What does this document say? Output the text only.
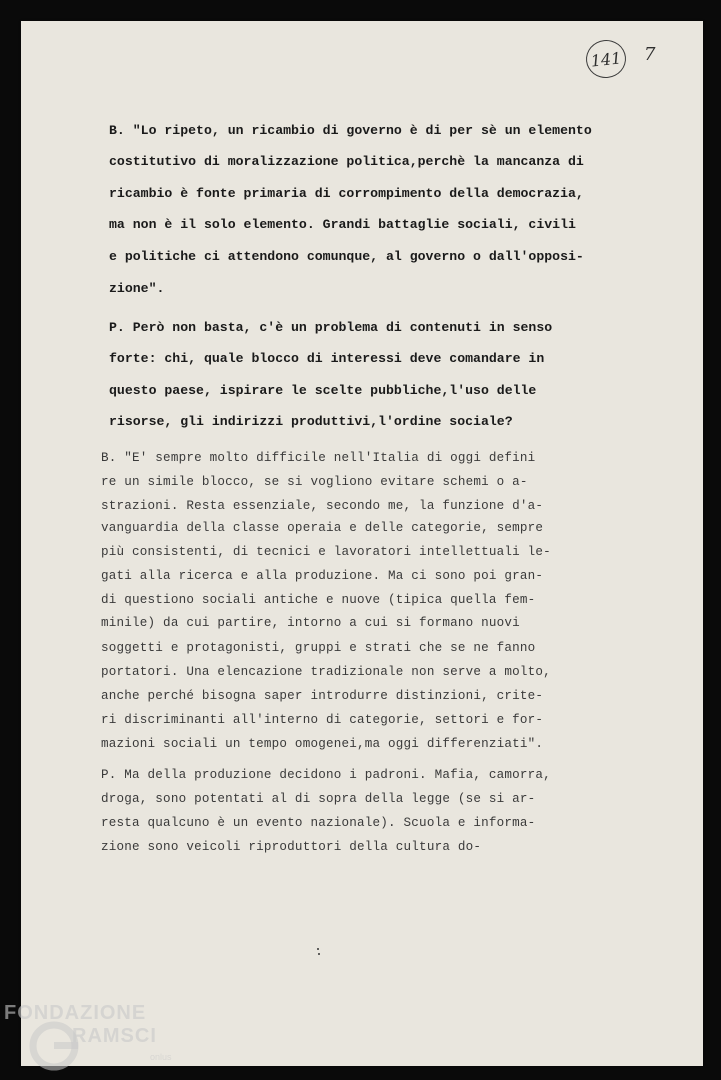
141 7
B. "Lo ripeto, un ricambio di governo è di per sè un elemento
costitutivo di moralizzazione politica,perchè la mancanza di
ricambio è fonte primaria di corrompimento della democrazia,
ma non è il solo elemento. Grandi battaglie sociali, civili
e politiche ci attendono comunque, al governo o dall'opposi-
zione".
P. Però non basta, c'è un problema di contenuti in senso
forte: chi, quale blocco di interessi deve comandare in
questo paese, ispirare le scelte pubbliche,l'uso delle
risorse, gli indirizzi produttivi,l'ordine sociale?
B. "E' sempre molto difficile nell'Italia di oggi defini
re un simile blocco, se si vogliono evitare schemi o a-
strazioni. Resta essenziale, secondo me, la funzione d'a-
vanguardia della classe operaia e delle categorie, sempre
più consistenti, di tecnici e lavoratori intellettuali le-
gati alla ricerca e alla produzione. Ma ci sono poi gran-
di questiono sociali antiche e nuove (tipica quella fem-
minile) da cui partire, intorno a cui si formano nuovi
soggetti e protagonisti, gruppi e strati che se ne fanno
portatori. Una elencazione tradizionale non serve a molto,
anche perché bisogna saper introdurre distinzioni, crite-
ri discriminanti all'interno di categorie, settori e for-
mazioni sociali un tempo omogenei,ma oggi differenziati".
P. Ma della produzione decidono i padroni. Mafia, camorra,
droga, sono potentati al di sopra della legge (se si ar-
resta qualcuno è un evento nazionale). Scuola e informa-
zione sono veicoli riproduttori della cultura do-
FONDAZIONE
RAMSCI
onlus
